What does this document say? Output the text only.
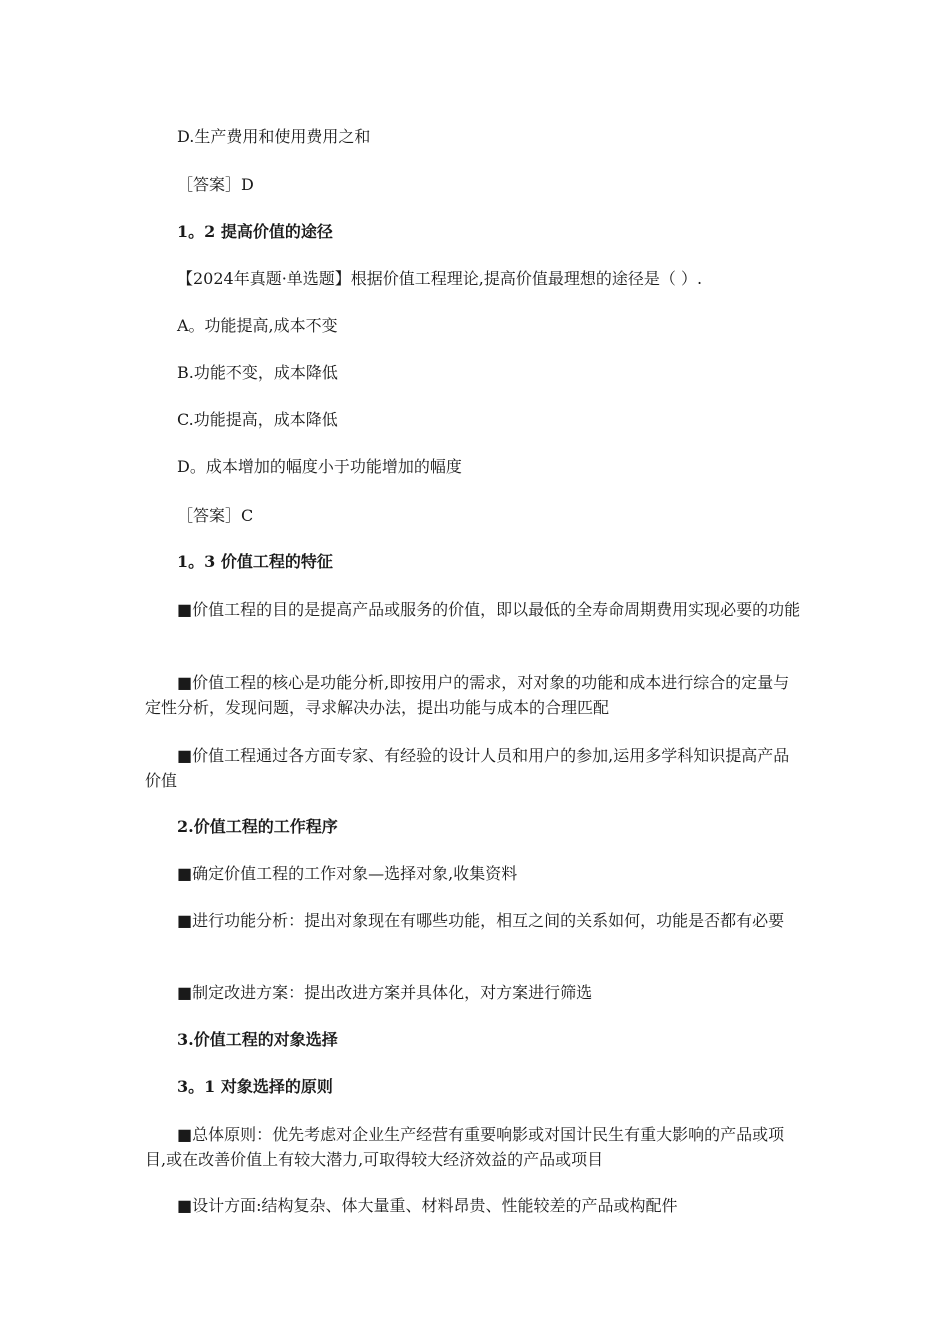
D.生产费用和使用费用之和
［答案］D
1。2 提高价值的途径
【2024年真题·单选题】根据价值工程理论,提高价值最理想的途径是（ ）.
A。功能提高,成本不变
B.功能不变，成本降低
C.功能提高，成本降低
D。成本增加的幅度小于功能增加的幅度
［答案］C
1。3 价值工程的特征
■价值工程的目的是提高产品或服务的价值，即以最低的全寿命周期费用实现必要的功能
■价值工程的核心是功能分析,即按用户的需求，对对象的功能和成本进行综合的定量与定性分析，发现问题，寻求解决办法，提出功能与成本的合理匹配
■价值工程通过各方面专家、有经验的设计人员和用户的参加,运用多学科知识提高产品价值
2.价值工程的工作程序
■确定价值工程的工作对象—选择对象,收集资料
■进行功能分析：提出对象现在有哪些功能，相互之间的关系如何，功能是否都有必要
■制定改进方案：提出改进方案并具体化，对方案进行筛选
3.价值工程的对象选择
3。1 对象选择的原则
■总体原则：优先考虑对企业生产经营有重要响影或对国计民生有重大影响的产品或项目,或在改善价值上有较大潜力,可取得较大经济效益的产品或项目
■设计方面:结构复杂、体大量重、材料昂贵、性能较差的产品或构配件
